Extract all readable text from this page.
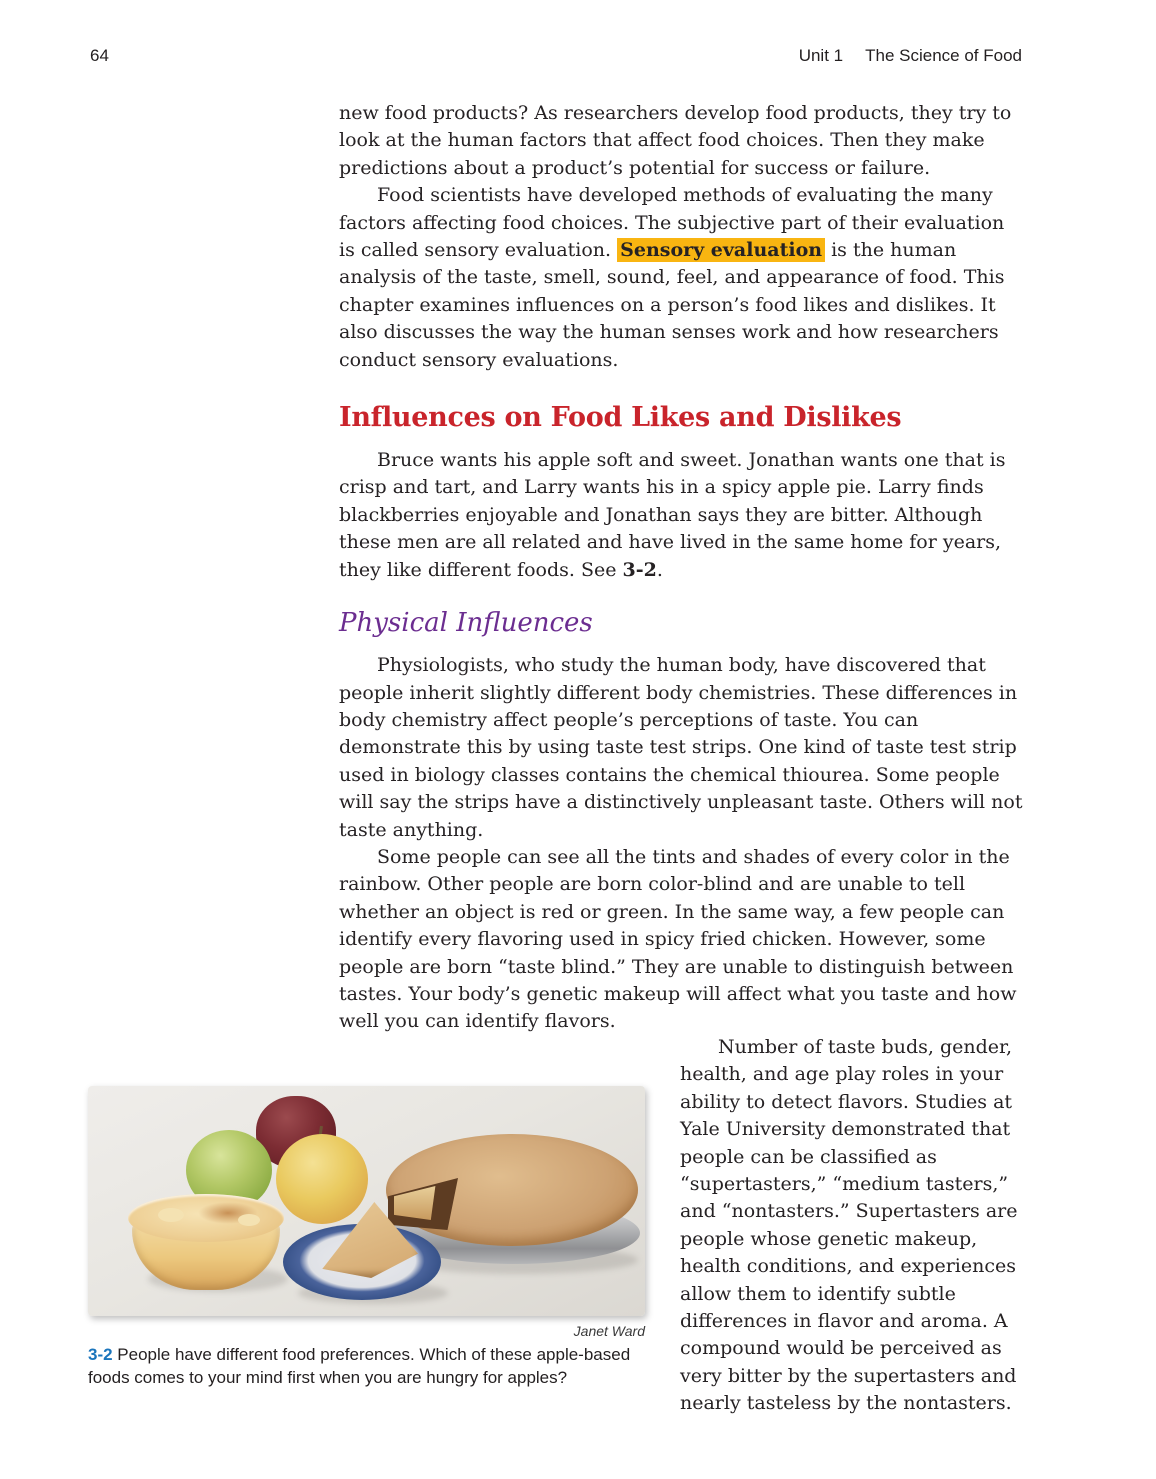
64	Unit 1 The Science of Food

new food products? As researchers develop food products, they try to look at the human factors that affect food choices. Then they make predictions about a product’s potential for success or failure.

Food scientists have developed methods of evaluating the many factors affecting food choices. The subjective part of their evaluation is called sensory evaluation. Sensory evaluation is the human analysis of the taste, smell, sound, feel, and appearance of food. This chapter examines influences on a person’s food likes and dislikes. It also discusses the way the human senses work and how researchers conduct sensory evaluations.

Influences on Food Likes and Dislikes

Bruce wants his apple soft and sweet. Jonathan wants one that is crisp and tart, and Larry wants his in a spicy apple pie. Larry finds blackberries enjoyable and Jonathan says they are bitter. Although these men are all related and have lived in the same home for years, they like different foods. See 3-2.

Physical Influences

Physiologists, who study the human body, have discovered that people inherit slightly different body chemistries. These differences in body chemistry affect people’s perceptions of taste. You can demonstrate this by using taste test strips. One kind of taste test strip used in biology classes contains the chemical thiourea. Some people will say the strips have a distinctively unpleasant taste. Others will not taste anything.

Some people can see all the tints and shades of every color in the rainbow. Other people are born color-blind and are unable to tell whether an object is red or green. In the same way, a few people can identify every flavoring used in spicy fried chicken. However, some people are born “taste blind.” They are unable to distinguish between tastes. Your body’s genetic makeup will affect what you taste and how well you can identify flavors.

Janet Ward
3-2 People have different food preferences. Which of these apple-based foods comes to your mind first when you are hungry for apples?

Number of taste buds, gender, health, and age play roles in your ability to detect flavors. Studies at Yale University demonstrated that people can be classified as “supertasters,” “medium tasters,” and “nontasters.” Supertasters are people whose genetic makeup, health conditions, and experiences allow them to identify subtle differences in flavor and aroma. A compound would be perceived as very bitter by the supertasters and nearly tasteless by the nontasters.
